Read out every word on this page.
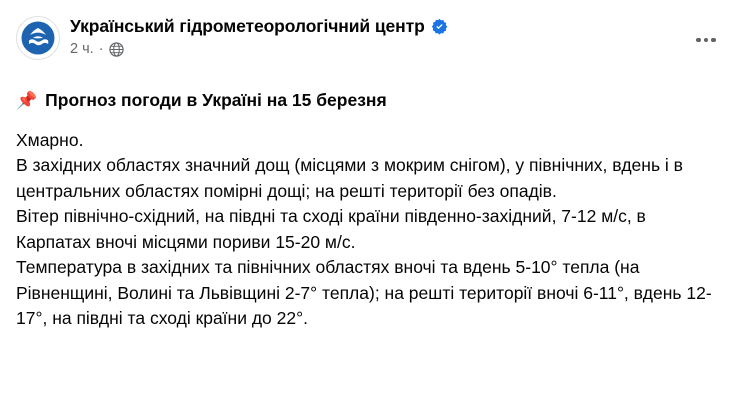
Український гідрометеорологічний центр
2 ч. ·
📌 Прогноз погоди в Україні на 15 березня

Хмарно.

В західних областях значний дощ (місцями з мокрим снігом), у північних, вдень і в центральних областях помірні дощі; на решті території без опадів.

Вітер північно-східний, на півдні та сході країни південно-західний, 7-12 м/с, в Карпатах вночі місцями пориви 15-20 м/с.

Температура в західних та північних областях вночі та вдень 5-10° тепла (на Рівненщині, Волині та Львівщині 2-7° тепла); на решті території вночі 6-11°, вдень 12-17°, на півдні та сході країни до 22°.
